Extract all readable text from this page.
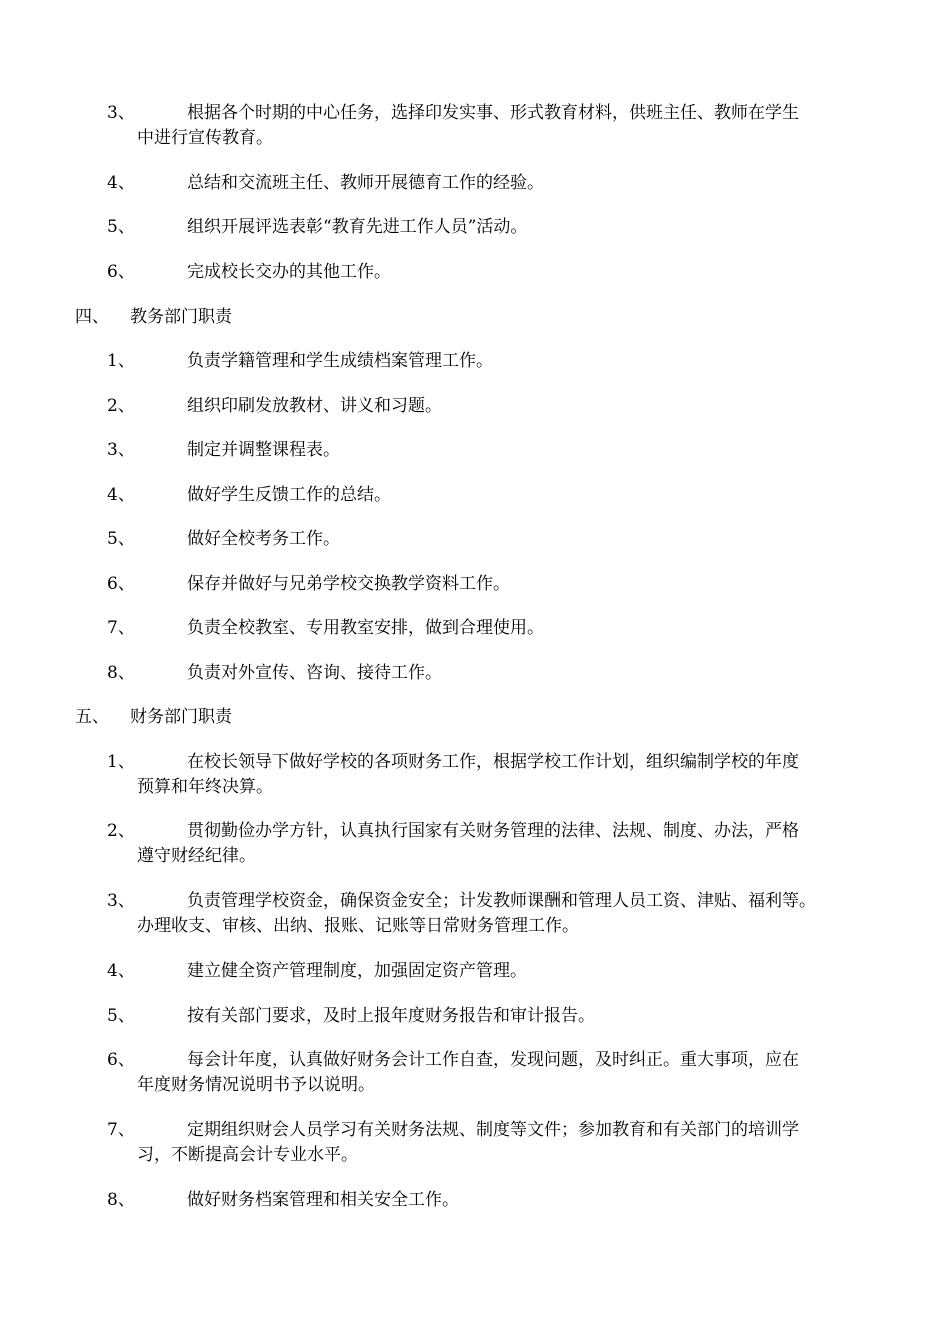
3、	根据各个时期的中心任务，选择印发实事、形式教育材料，供班主任、教师在学生
中进行宣传教育。
4、	总结和交流班主任、教师开展德育工作的经验。
5、	组织开展评选表彰“教育先进工作人员”活动。
6、	完成校长交办的其他工作。
四、 教务部门职责
1、	负责学籍管理和学生成绩档案管理工作。
2、	组织印刷发放教材、讲义和习题。
3、	制定并调整课程表。
4、	做好学生反馈工作的总结。
5、	做好全校考务工作。
6、	保存并做好与兄弟学校交换教学资料工作。
7、	负责全校教室、专用教室安排，做到合理使用。
8、	负责对外宣传、咨询、接待工作。
五、 财务部门职责
1、	在校长领导下做好学校的各项财务工作，根据学校工作计划，组织编制学校的年度
预算和年终决算。
2、	贯彻勤俭办学方针，认真执行国家有关财务管理的法律、法规、制度、办法，严格
遵守财经纪律。
3、	负责管理学校资金，确保资金安全；计发教师课酬和管理人员工资、津贴、福利等。
办理收支、审核、出纳、报账、记账等日常财务管理工作。
4、	建立健全资产管理制度，加强固定资产管理。
5、	按有关部门要求，及时上报年度财务报告和审计报告。
6、	每会计年度，认真做好财务会计工作自查，发现问题，及时纠正。重大事项，应在
年度财务情况说明书予以说明。
7、	定期组织财会人员学习有关财务法规、制度等文件；参加教育和有关部门的培训学
习，不断提高会计专业水平。
8、	做好财务档案管理和相关安全工作。
